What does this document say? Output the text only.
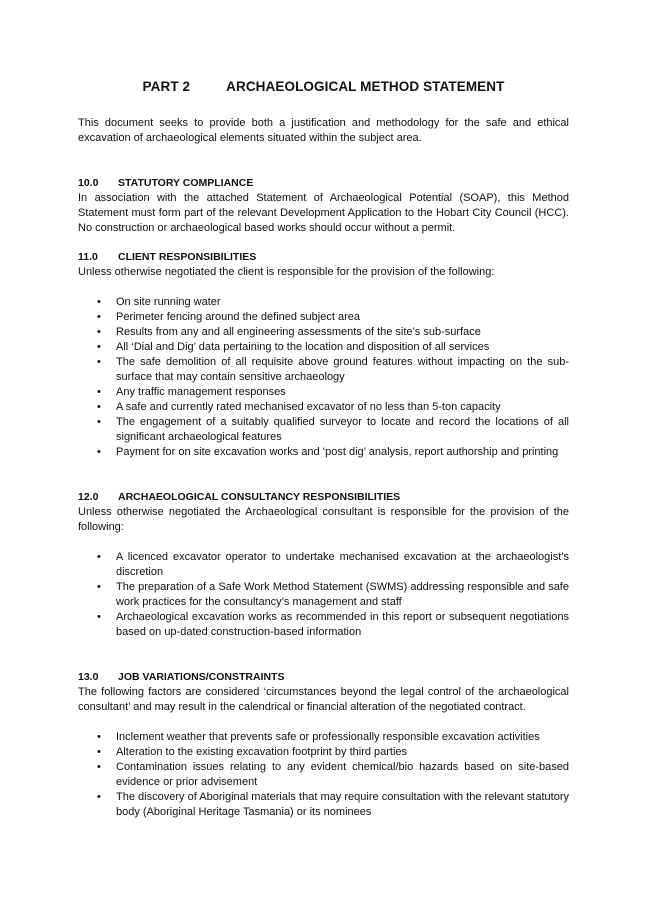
PART 2	ARCHAEOLOGICAL METHOD STATEMENT

This document seeks to provide both a justification and methodology for the safe and ethical excavation of archaeological elements situated within the subject area.

10.0 STATUTORY COMPLIANCE

In association with the attached Statement of Archaeological Potential (SOAP), this Method Statement must form part of the relevant Development Application to the Hobart City Council (HCC). No construction or archaeological based works should occur without a permit.

11.0 CLIENT RESPONSIBILITIES

Unless otherwise negotiated the client is responsible for the provision of the following:

• On site running water
• Perimeter fencing around the defined subject area
• Results from any and all engineering assessments of the site’s sub-surface
• All ‘Dial and Dig’ data pertaining to the location and disposition of all services
• The safe demolition of all requisite above ground features without impacting on the sub-surface that may contain sensitive archaeology
• Any traffic management responses
• A safe and currently rated mechanised excavator of no less than 5-ton capacity
• The engagement of a suitably qualified surveyor to locate and record the locations of all significant archaeological features
• Payment for on site excavation works and ‘post dig’ analysis, report authorship and printing
12.0 ARCHAEOLOGICAL CONSULTANCY RESPONSIBILITIES

Unless otherwise negotiated the Archaeological consultant is responsible for the provision of the following:

• A licenced excavator operator to undertake mechanised excavation at the archaeologist’s discretion
• The preparation of a Safe Work Method Statement (SWMS) addressing responsible and safe work practices for the consultancy’s management and staff
• Archaeological excavation works as recommended in this report or subsequent negotiations based on up-dated construction-based information
13.0 JOB VARIATIONS/CONSTRAINTS

The following factors are considered ‘circumstances beyond the legal control of the archaeological consultant’ and may result in the calendrical or financial alteration of the negotiated contract.

• Inclement weather that prevents safe or professionally responsible excavation activities
• Alteration to the existing excavation footprint by third parties
• Contamination issues relating to any evident chemical/bio hazards based on site-based evidence or prior advisement
• The discovery of Aboriginal materials that may require consultation with the relevant statutory body (Aboriginal Heritage Tasmania) or its nominees
